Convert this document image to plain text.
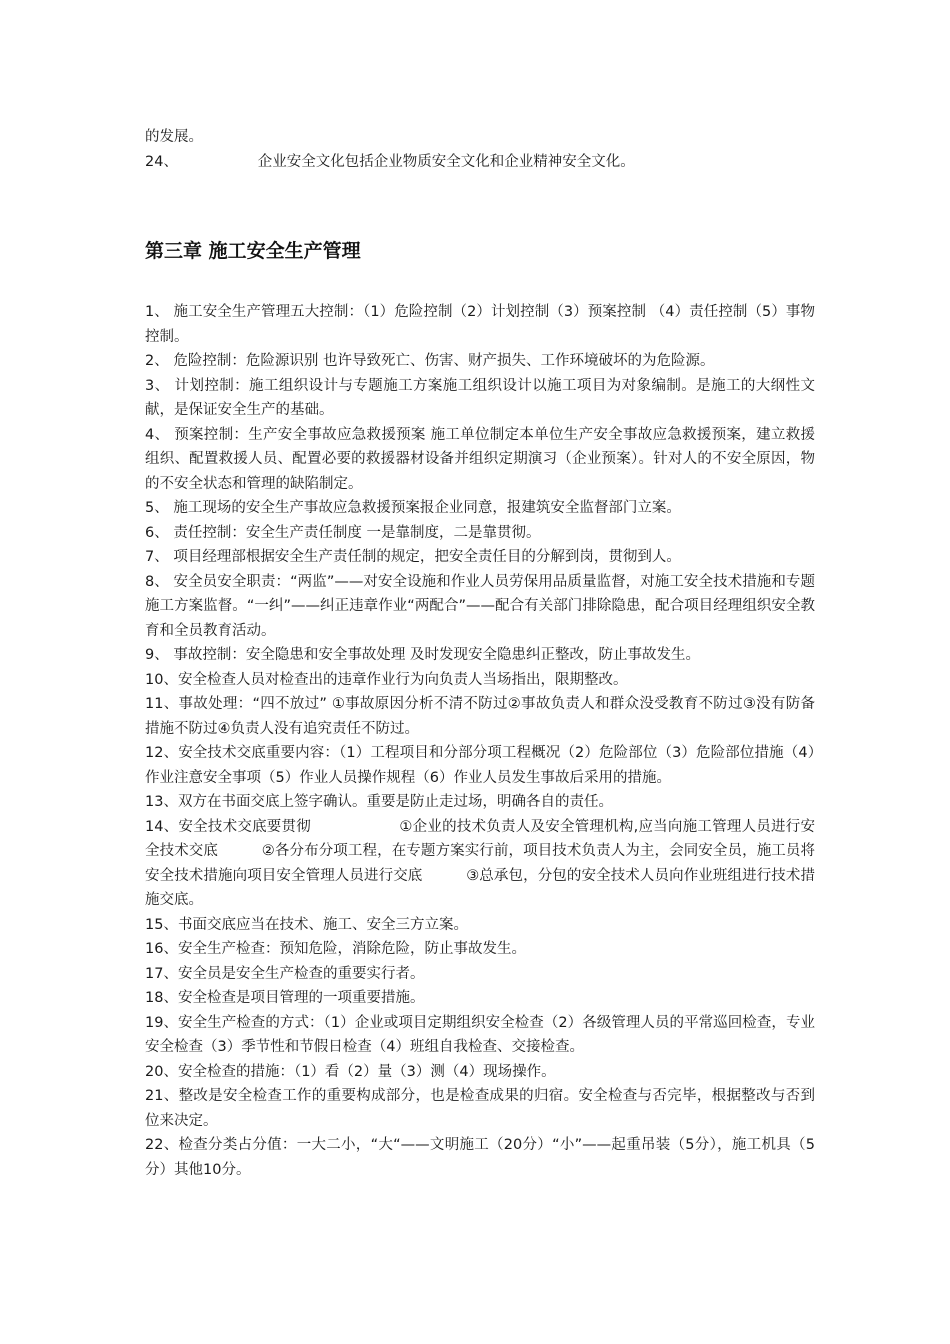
的发展。

24、　　　　　　企业安全文化包括企业物质安全文化和企业精神安全文化。

第三章 施工安全生产管理

1、 施工安全生产管理五大控制：（1）危险控制（2）计划控制（3）预案控制 （4）责任控制（5）事物控制。

2、 危险控制：危险源识别 也许导致死亡、伤害、财产损失、工作环境破坏的为危险源。

3、 计划控制：施工组织设计与专题施工方案施工组织设计以施工项目为对象编制。是施工的大纲性文献，是保证安全生产的基础。

4、 预案控制：生产安全事故应急救援预案 施工单位制定本单位生产安全事故应急救援预案，建立救援组织、配置救援人员、配置必要的救援器材设备并组织定期演习（企业预案）。针对人的不安全原因，物的不安全状态和管理的缺陷制定。

5、 施工现场的安全生产事故应急救援预案报企业同意，报建筑安全监督部门立案。

6、 责任控制：安全生产责任制度 一是靠制度，二是靠贯彻。

7、 项目经理部根据安全生产责任制的规定，把安全责任目的分解到岗，贯彻到人。

8、 安全员安全职责：“两监”——对安全设施和作业人员劳保用品质量监督，对施工安全技术措施和专题施工方案监督。“一纠”——纠正违章作业“两配合”——配合有关部门排除隐患，配合项目经理组织安全教育和全员教育活动。

9、 事故控制：安全隐患和安全事故处理 及时发现安全隐患纠正整改，防止事故发生。

10、安全检查人员对检查出的违章作业行为向负责人当场指出，限期整改。

11、事故处理：“四不放过” ①事故原因分析不清不防过②事故负责人和群众没受教育不防过③没有防备措施不防过④负责人没有追究责任不防过。

12、安全技术交底重要内容：（1）工程项目和分部分项工程概况（2）危险部位（3）危险部位措施（4）作业注意安全事项（5）作业人员操作规程（6）作业人员发生事故后采用的措施。

13、双方在书面交底上签字确认。重要是防止走过场，明确各自的责任。

14、安全技术交底要贯彻　　　　　　①企业的技术负责人及安全管理机构,应当向施工管理人员进行安全技术交底　　　②各分布分项工程，在专题方案实行前，项目技术负责人为主，会同安全员，施工员将安全技术措施向项目安全管理人员进行交底　　　③总承包，分包的安全技术人员向作业班组进行技术措施交底。

15、书面交底应当在技术、施工、安全三方立案。

16、安全生产检查：预知危险，消除危险，防止事故发生。

17、安全员是安全生产检查的重要实行者。

18、安全检查是项目管理的一项重要措施。

19、安全生产检查的方式：（1）企业或项目定期组织安全检查（2）各级管理人员的平常巡回检查，专业安全检查（3）季节性和节假日检查（4）班组自我检查、交接检查。

20、安全检查的措施：（1）看（2）量（3）测（4）现场操作。

21、整改是安全检查工作的重要构成部分，也是检查成果的归宿。安全检查与否完毕，根据整改与否到位来决定。

22、检查分类占分值：一大二小，“大“——文明施工（20分）“小”——起重吊装（5分），施工机具（5分）其他10分。
